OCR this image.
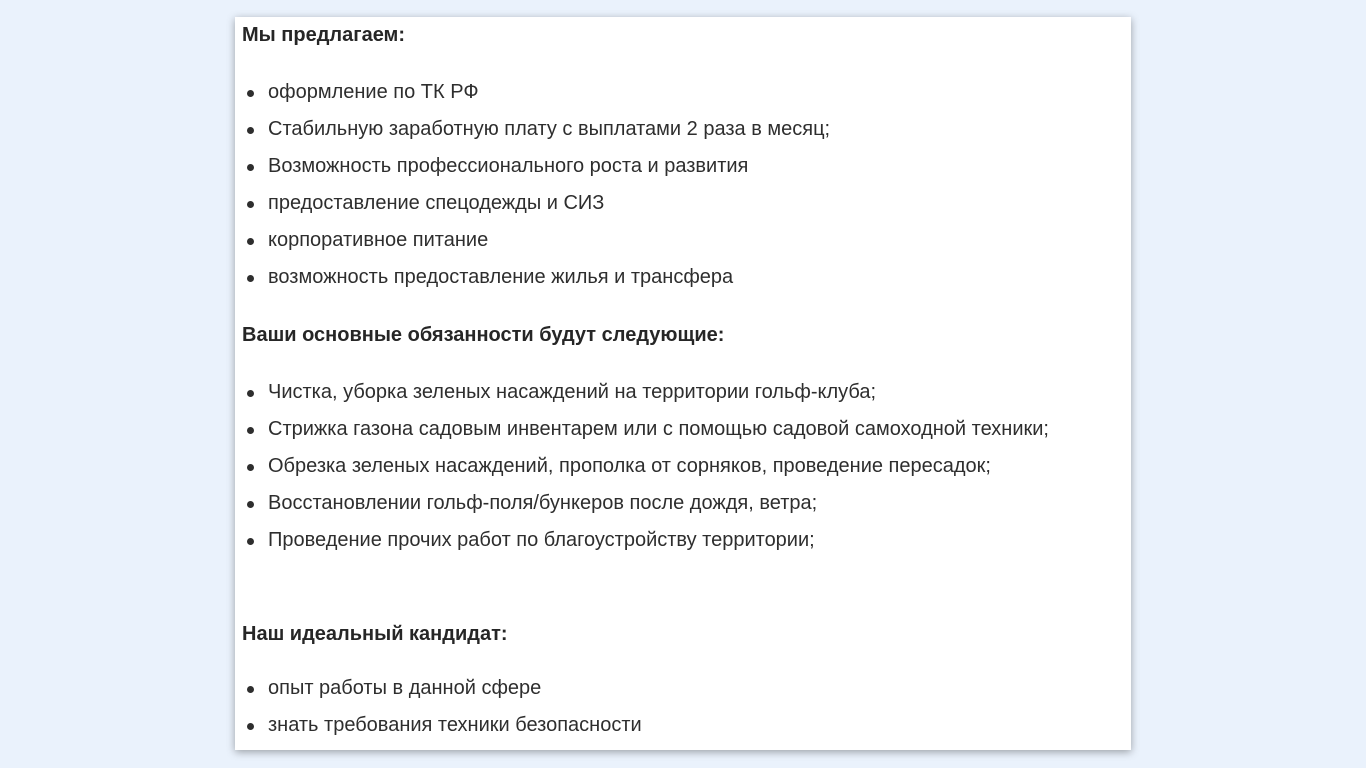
Мы предлагаем:
оформление по ТК РФ
Стабильную заработную плату с выплатами 2 раза в месяц;
Возможность профессионального роста и развития
предоставление спецодежды и СИЗ
корпоративное питание
возможность предоставление жилья и трансфера
Ваши основные обязанности будут следующие:
Чистка, уборка зеленых насаждений на территории гольф-клуба;
Стрижка газона садовым инвентарем или с помощью садовой самоходной техники;
Обрезка зеленых насаждений, прополка от сорняков, проведение пересадок;
Восстановлении гольф-поля/бункеров после дождя, ветра;
Проведение прочих работ по благоустройству территории;
Наш идеальный кандидат:
опыт работы в данной сфере
знать требования техники безопасности
